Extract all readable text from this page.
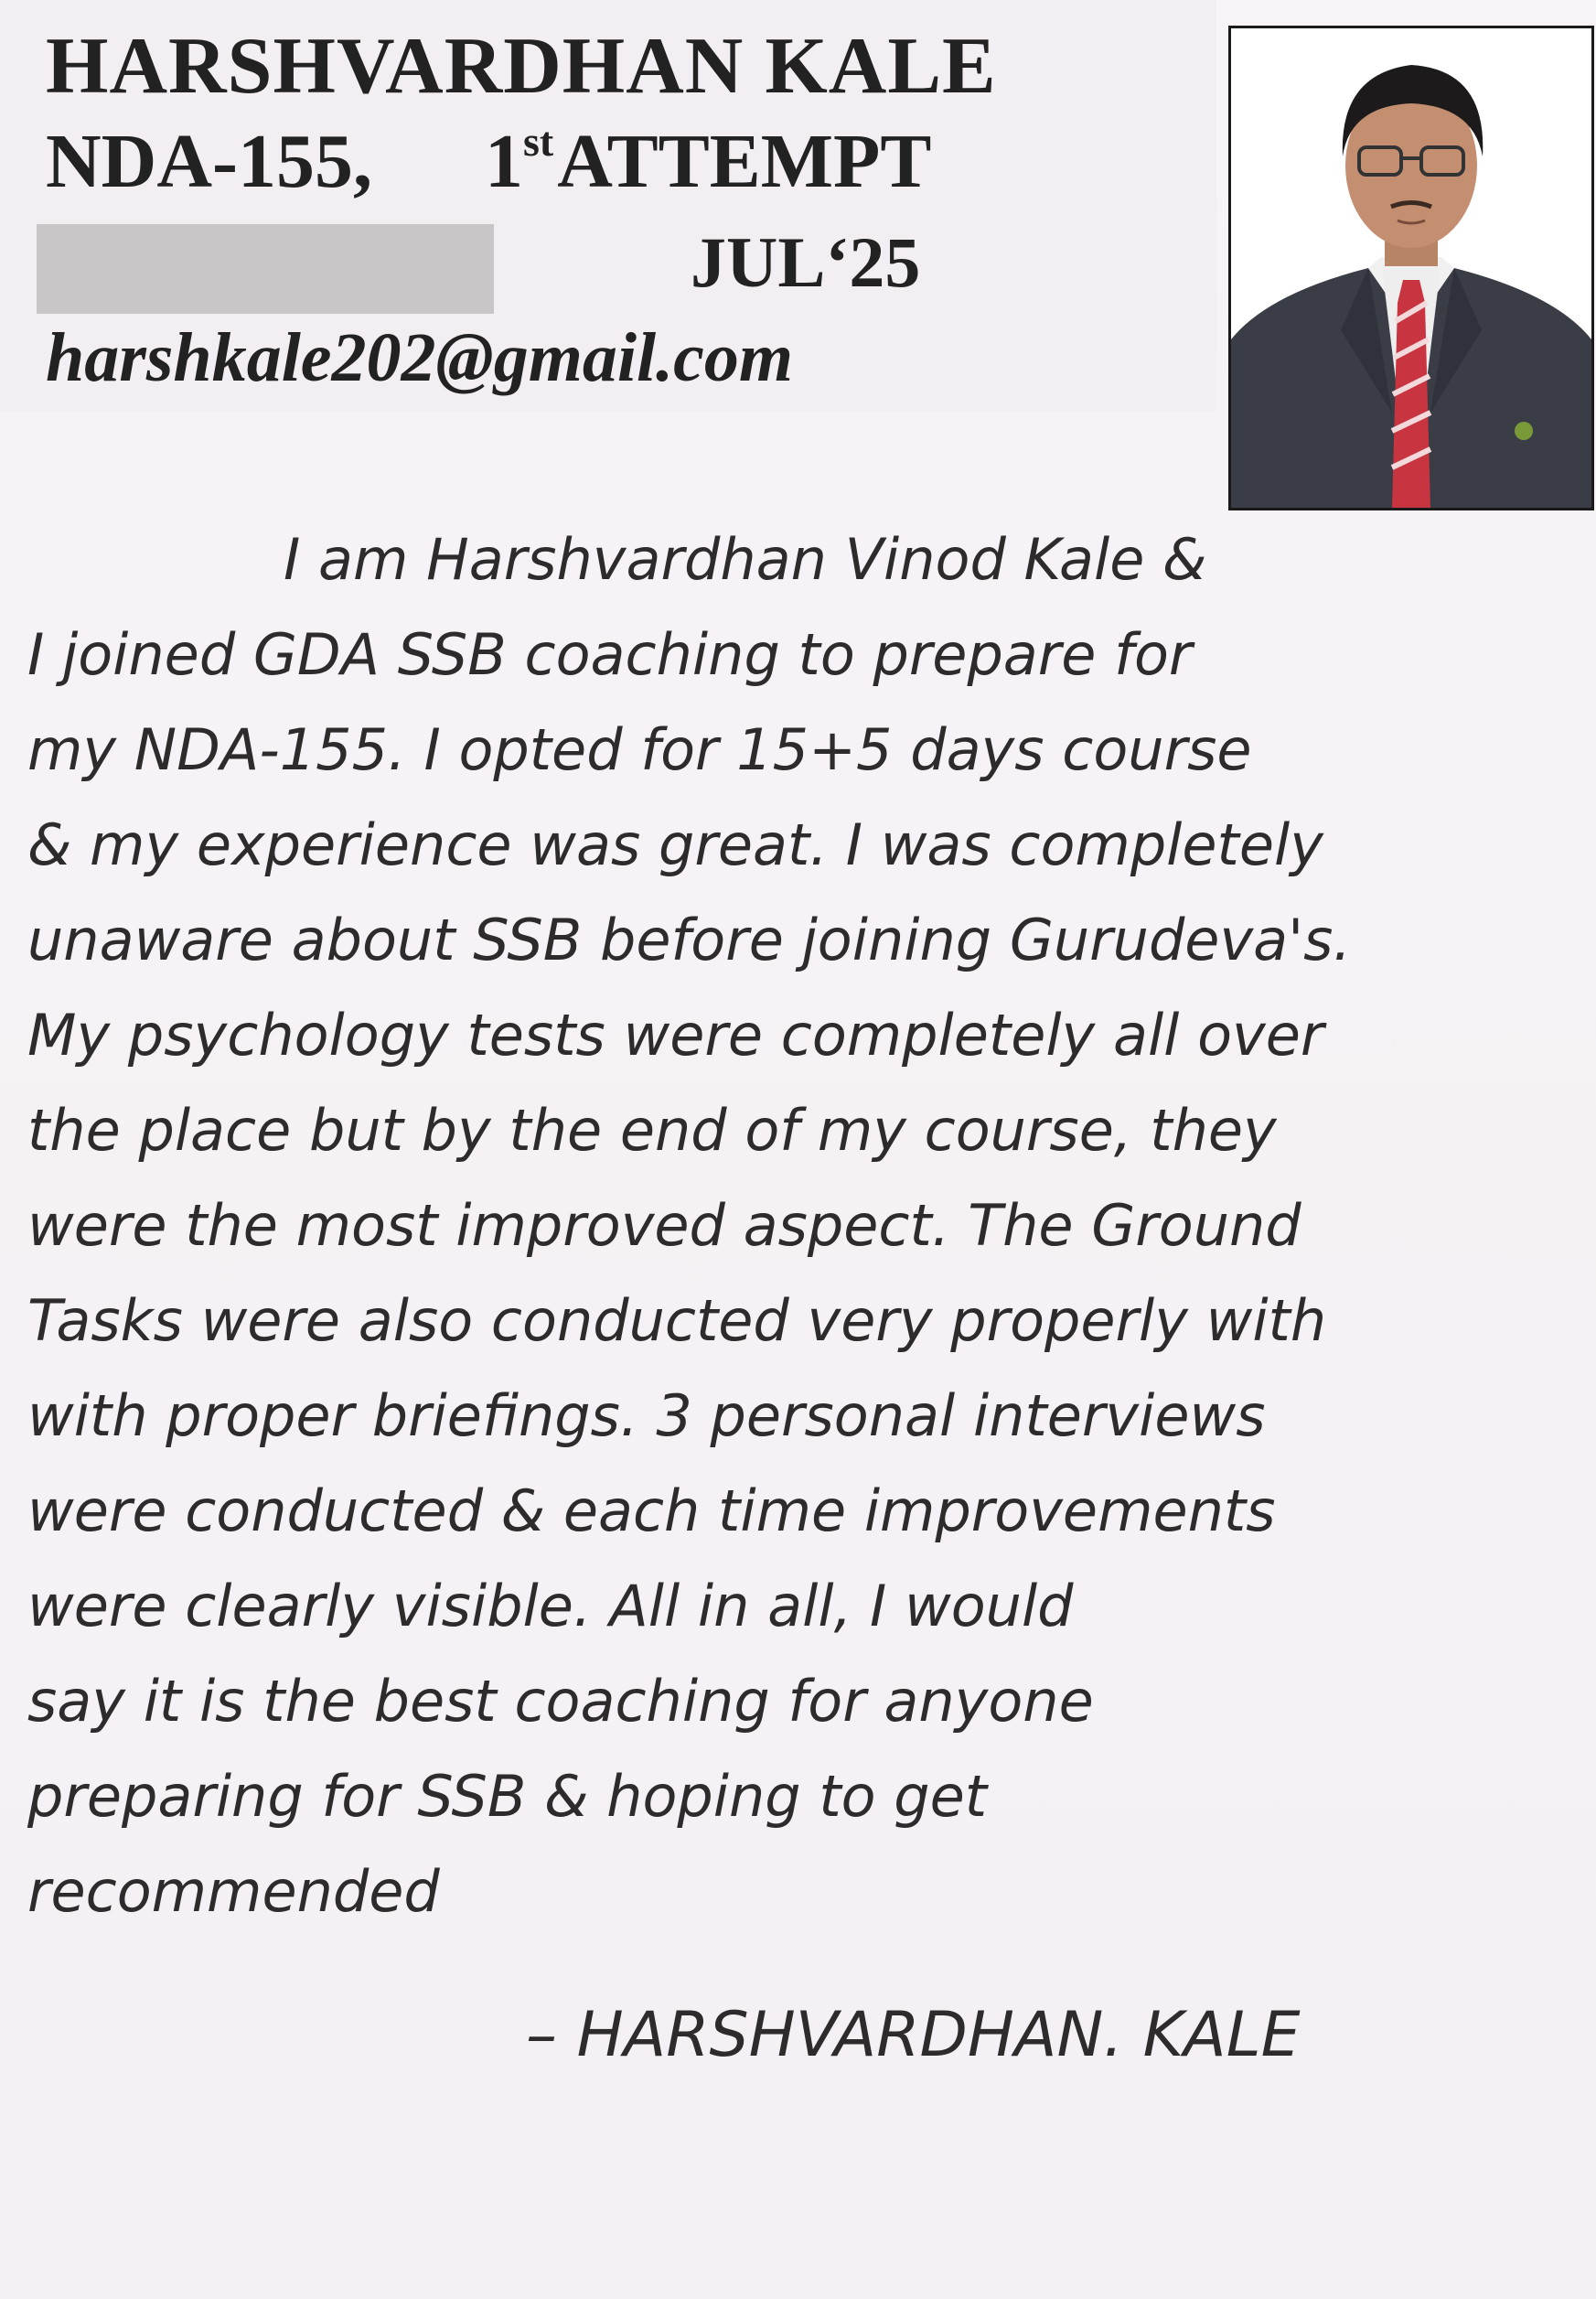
HARSHVARDHAN KALE
NDA-155, 1stATTEMPT
JUL‘25
harshkale202@gmail.com
I am Harshvardhan Vinod Kale &
I joined GDA SSB coaching to prepare for
my NDA-155. I opted for 15+5 days course
& my experience was great. I was completely
unaware about SSB before joining Gurudeva's.
My psychology tests were completely all over
the place but by the end of my course, they
were the most improved aspect. The Ground
Tasks were also conducted very properly with
with proper briefings. 3 personal interviews
were conducted & each time improvements
were clearly visible. All in all, I would
say it is the best coaching for anyone
preparing for SSB & hoping to get
recommended
– HARSHVARDHAN. KALE
